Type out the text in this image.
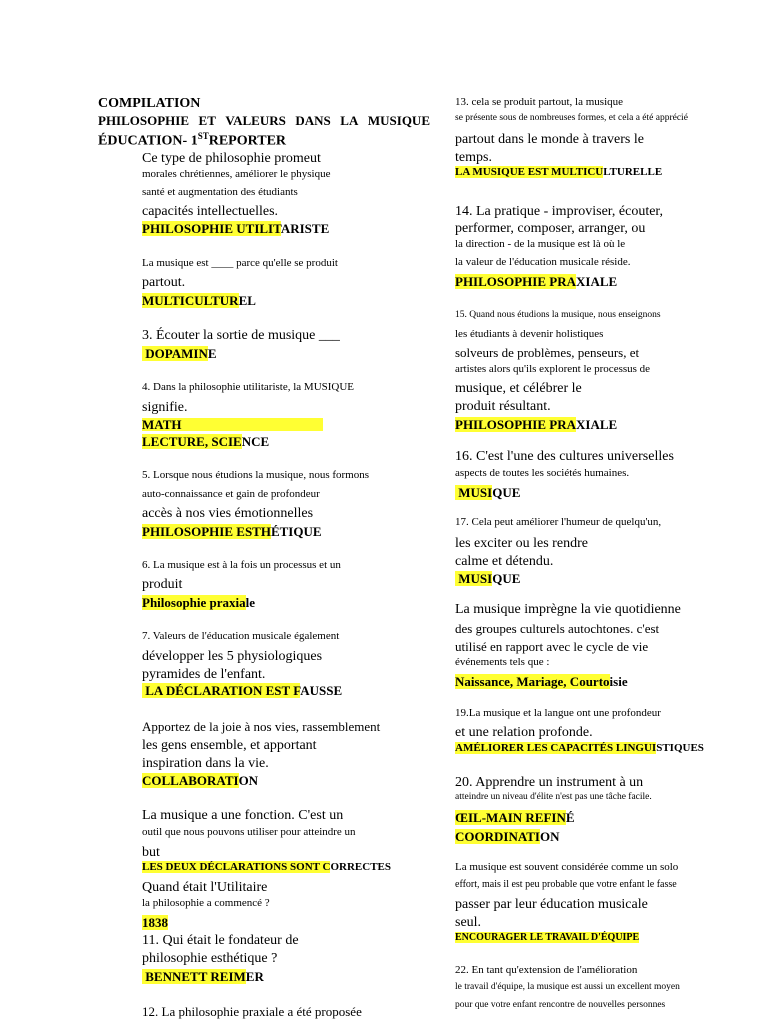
COMPILATION
PHILOSOPHIE ET VALEURS DANS LA MUSIQUE
ÉDUCATION- 1STREPORTER
Ce type de philosophie promeut
morales chrétiennes, améliorer le physique
santé et augmentation des étudiants
capacités intellectuelles.
PHILOSOPHIE UTILITARISTE
La musique est ____ parce qu'elle se produit
partout.
MULTICULTUREL
3. Écouter la sortie de musique ___
DOPAMINE
4. Dans la philosophie utilitariste, la MUSIQUE
signifie.
MATH
LECTURE, SCIENCE
5. Lorsque nous étudions la musique, nous formons
auto-connaissance et gain de profondeur
accès à nos vies émotionnelles
PHILOSOPHIE ESTHÉTIQUE
6. La musique est à la fois un processus et un
produit
Philosophie praxiale
7. Valeurs de l'éducation musicale également
développer les 5 physiologiques
pyramides de l'enfant.
LA DÉCLARATION EST FAUSSE
Apportez de la joie à nos vies, rassemblement
les gens ensemble, et apportant
inspiration dans la vie.
COLLABORATION
La musique a une fonction. C'est un
outil que nous pouvons utiliser pour atteindre un
but
LES DEUX DÉCLARATIONS SONT CORRECTES
Quand était l'Utilitaire
la philosophie a commencé ?
1838
11. Qui était le fondateur de
philosophie esthétique ?
BENNETT REIMER
12. La philosophie praxiale a été proposée
13. cela se produit partout, la musique
se présente sous de nombreuses formes, et cela a été apprécié
partout dans le monde à travers le
temps.
LA MUSIQUE EST MULTICULTURELLE
14. La pratique - improviser, écouter,
performer, composer, arranger, ou
la direction - de la musique est là où le
la valeur de l'éducation musicale réside.
PHILOSOPHIE PRAXIALE
15. Quand nous étudions la musique, nous enseignons
les étudiants à devenir holistiques
solveurs de problèmes, penseurs, et
artistes alors qu'ils explorent le processus de
musique, et célébrer le
produit résultant.
PHILOSOPHIE PRAXIALE
16. C'est l'une des cultures universelles
aspects de toutes les sociétés humaines.
MUSIQUE
17. Cela peut améliorer l'humeur de quelqu'un,
les exciter ou les rendre
calme et détendu.
MUSIQUE
La musique imprègne la vie quotidienne
des groupes culturels autochtones. c'est
utilisé en rapport avec le cycle de vie
événements tels que :
Naissance, Mariage, Courtoisie
19.La musique et la langue ont une profondeur
et une relation profonde.
AMÉLIORER LES CAPACITÉS LINGUISTIQUES
20. Apprendre un instrument à un
atteindre un niveau d'élite n'est pas une tâche facile.
ŒIL-MAIN REFINÉ
COORDINATION
La musique est souvent considérée comme un solo
effort, mais il est peu probable que votre enfant le fasse
passer par leur éducation musicale
seul.
ENCOURAGER LE TRAVAIL D'ÉQUIPE
22. En tant qu'extension de l'amélioration
le travail d'équipe, la musique est aussi un excellent moyen
pour que votre enfant rencontre de nouvelles personnes
